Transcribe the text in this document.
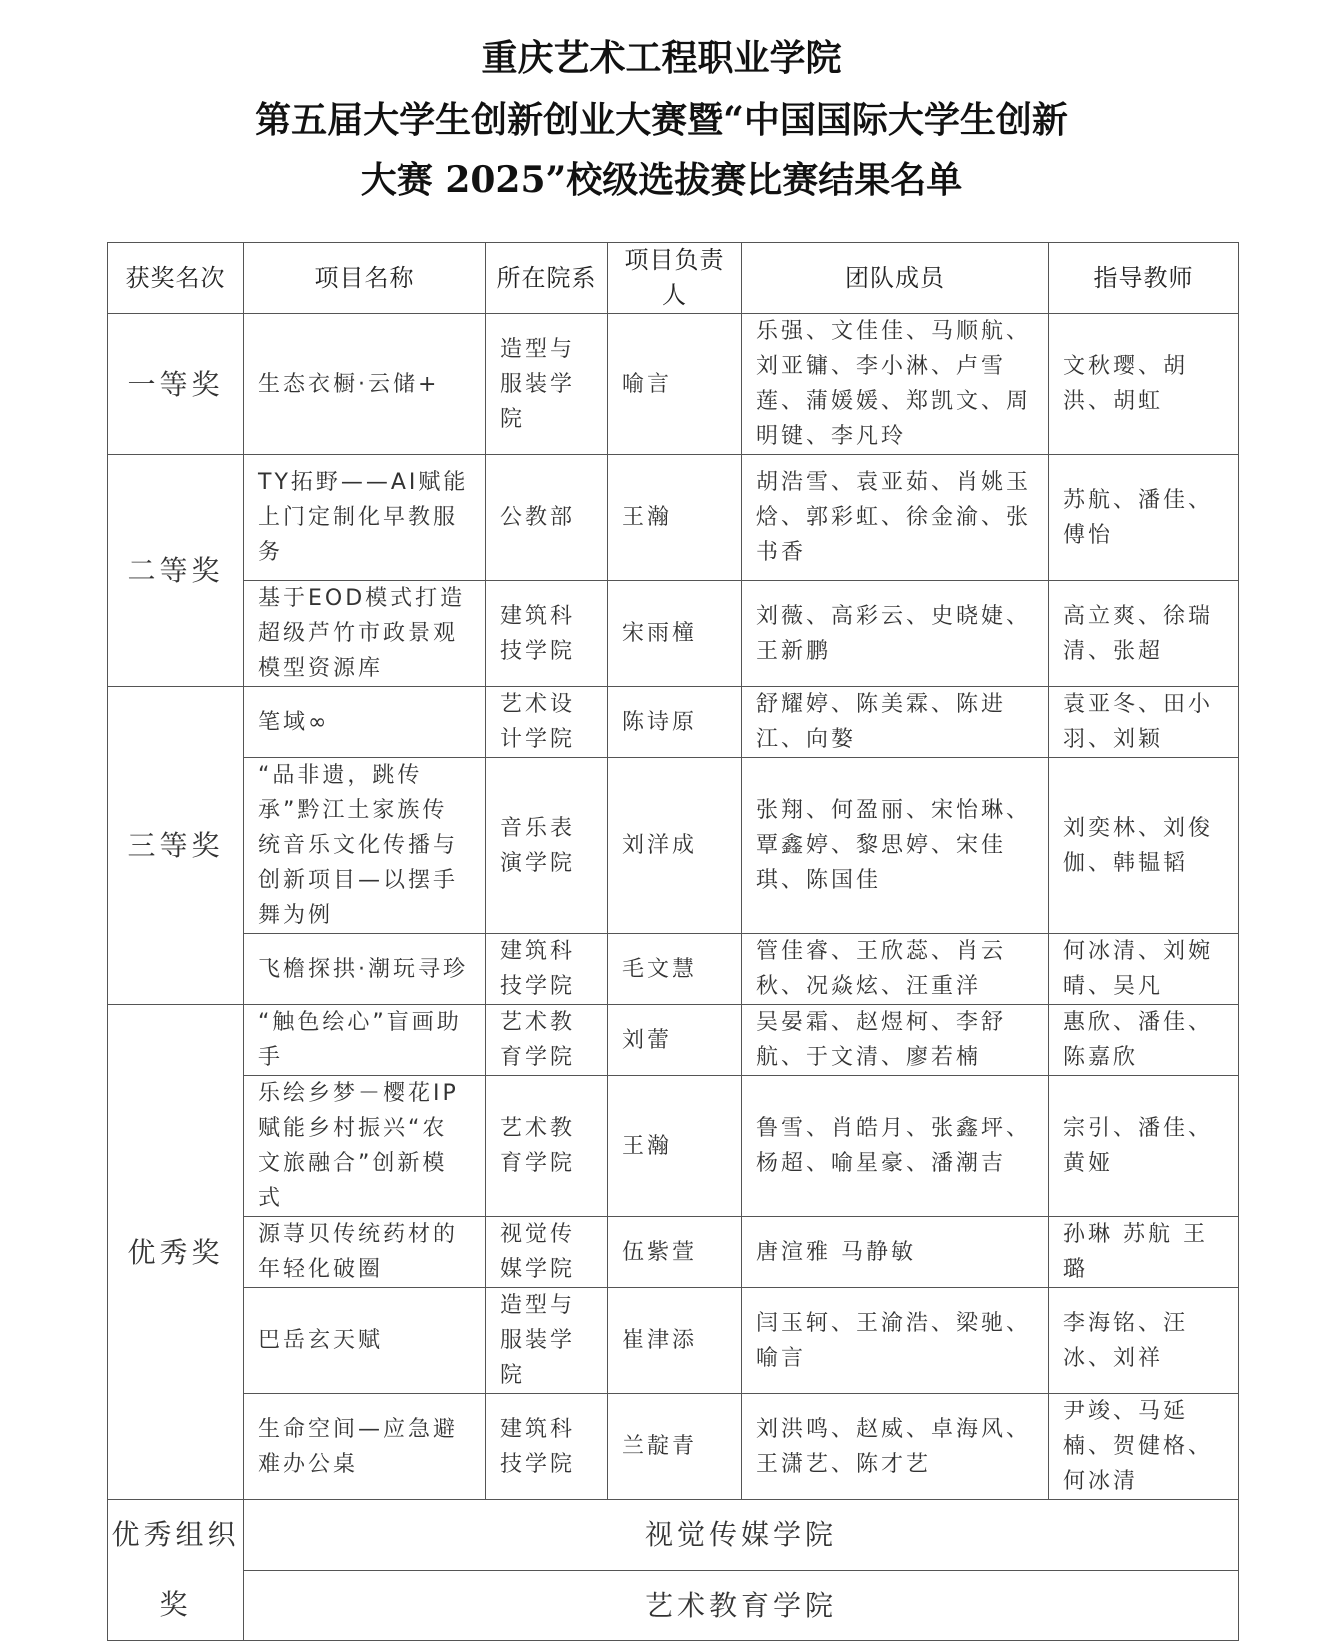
重庆艺术工程职业学院
第五届大学生创新创业大赛暨“中国国际大学生创新
大赛 2025”校级选拔赛比赛结果名单
获奖名次	项目名称	所在院系	项目负责人	团队成员	指导教师
一等奖	生态衣橱·云储+	造型与服装学院	喻言	乐强、文佳佳、马顺航、刘亚镛、李小淋、卢雪莲、蒲媛媛、郑凯文、周明键、李凡玲	文秋璎、胡洪、胡虹
二等奖	TY拓野——AI赋能上门定制化早教服务	公教部	王瀚	胡浩雪、袁亚茹、肖姚玉焓、郭彩虹、徐金渝、张书香	苏航、潘佳、傅怡
	基于EOD模式打造超级芦竹市政景观模型资源库	建筑科技学院	宋雨橦	刘薇、高彩云、史晓婕、王新鹏	高立爽、徐瑞清、张超
三等奖	笔域∞	艺术设计学院	陈诗原	舒耀婷、陈美霖、陈进江、向嫯	袁亚冬、田小羽、刘颖
	“品非遗，跳传承”黔江土家族传统音乐文化传播与创新项目—以摆手舞为例	音乐表演学院	刘洋成	张翔、何盈丽、宋怡琳、覃鑫婷、黎思婷、宋佳琪、陈国佳	刘奕林、刘俊伽、韩韫韬
	飞檐探拱·潮玩寻珍	建筑科技学院	毛文慧	管佳睿、王欣蕊、肖云秋、况焱炫、汪重洋	何冰清、刘婉晴、吴凡
优秀奖	“触色绘心”盲画助手	艺术教育学院	刘蕾	吴晏霜、赵煜柯、李舒航、于文清、廖若楠	惠欣、潘佳、陈嘉欣
	乐绘乡梦－樱花IP赋能乡村振兴“农文旅融合”创新模式	艺术教育学院	王瀚	鲁雪、肖皓月、张鑫坪、杨超、喻星豪、潘潮吉	宗引、潘佳、黄娅
	源荨贝传统药材的年轻化破圈	视觉传媒学院	伍紫萱	唐渲雅 马静敏	孙琳 苏航 王璐
	巴岳玄天赋	造型与服装学院	崔津添	闫玉轲、王渝浩、梁驰、喻言	李海铭、汪冰、刘祥
	生命空间—应急避难办公桌	建筑科技学院	兰靛青	刘洪鸣、赵威、卓海风、王潇艺、陈才艺	尹竣、马延楠、贺健格、何冰清
优秀组织奖	视觉传媒学院				
	艺术教育学院				
